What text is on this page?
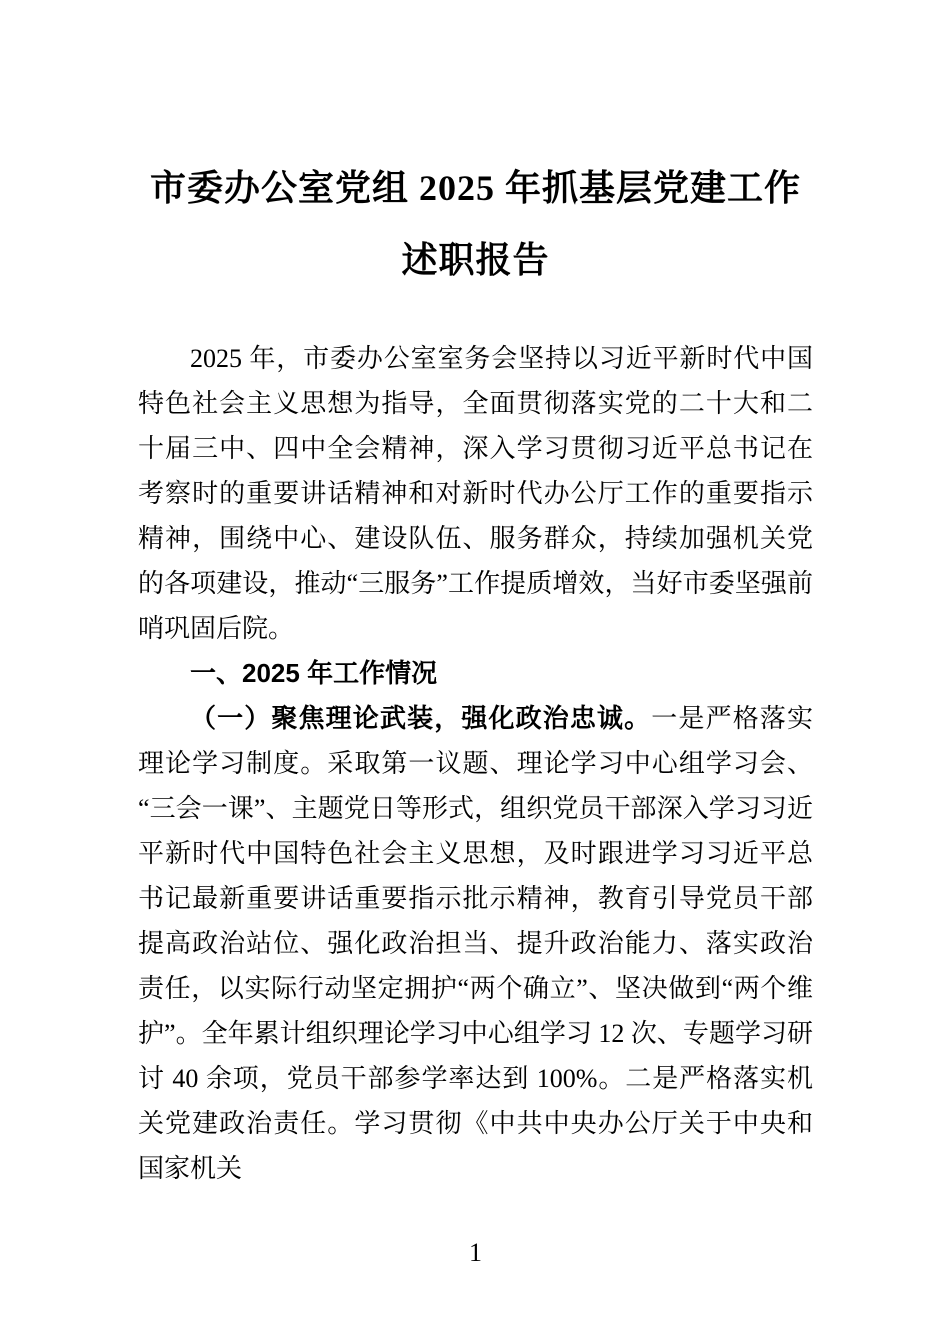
市委办公室党组 2025 年抓基层党建工作述职报告

2025 年，市委办公室室务会坚持以习近平新时代中国特色社会主义思想为指导，全面贯彻落实党的二十大和二十届三中、四中全会精神，深入学习贯彻习近平总书记在考察时的重要讲话精神和对新时代办公厅工作的重要指示精神，围绕中心、建设队伍、服务群众，持续加强机关党的各项建设，推动“三服务”工作提质增效，当好市委坚强前哨巩固后院。

一、2025 年工作情况

（一）聚焦理论武装，强化政治忠诚。一是严格落实理论学习制度。采取第一议题、理论学习中心组学习会、“三会一课”、主题党日等形式，组织党员干部深入学习习近平新时代中国特色社会主义思想，及时跟进学习习近平总书记最新重要讲话重要指示批示精神，教育引导党员干部提高政治站位、强化政治担当、提升政治能力、落实政治责任，以实际行动坚定拥护“两个确立”、坚决做到“两个维护”。全年累计组织理论学习中心组学习 12 次、专题学习研讨 40 余项，党员干部参学率达到 100%。二是严格落实机关党建政治责任。学习贯彻《中共中央办公厅关于中央和国家机关

1
